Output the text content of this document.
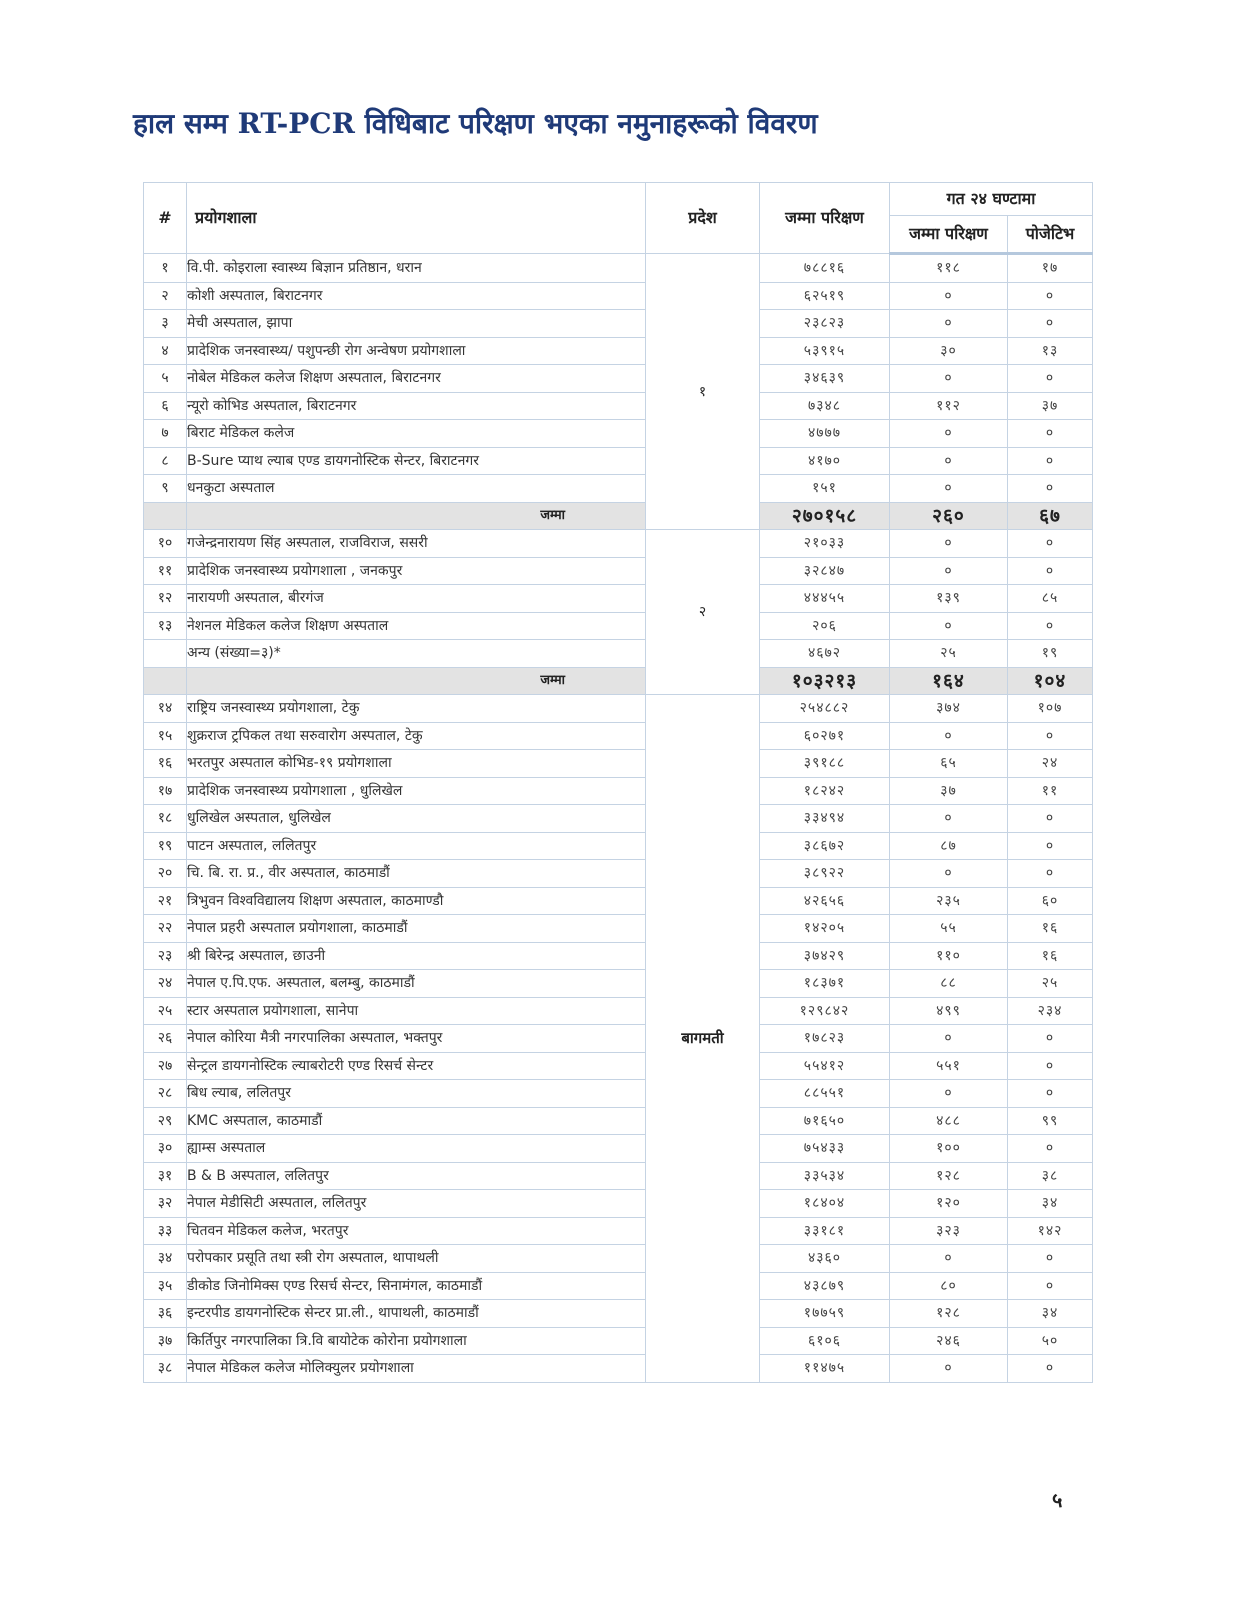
हाल सम्म RT-PCR विधिबाट परिक्षण भएका नमुनाहरूको विवरण
#	प्रयोगशाला	प्रदेश	जम्मा परिक्षण	गत २४ घण्टामा	
				जम्मा परिक्षण	पोजेटिभ
१	वि.पी. कोइराला स्वास्थ्य बिज्ञान प्रतिष्ठान, धरान	१	७८८१६	११८	१७
२	कोशी अस्पताल, बिराटनगर		६२५१९	०	०
३	मेची अस्पताल, झापा		२३८२३	०	०
४	प्रादेशिक जनस्वास्थ्य/ पशुपन्छी रोग अन्वेषण प्रयोगशाला		५३९१५	३०	१३
५	नोबेल मेडिकल कलेज शिक्षण अस्पताल, बिराटनगर		३४६३९	०	०
६	न्यूरो कोभिड अस्पताल, बिराटनगर		७३४८	११२	३७
७	बिराट मेडिकल कलेज		४७७७	०	०
८	B-Sure प्याथ ल्याब एण्ड डायगनोस्टिक सेन्टर, बिराटनगर		४१७०	०	०
९	धनकुटा अस्पताल		१५१	०	०
	जम्मा		२७०१५८	२६०	६७
१०	गजेन्द्रनारायण सिंह अस्पताल, राजविराज, ससरी	२	२१०३३	०	०
११	प्रादेशिक जनस्वास्थ्य प्रयोगशाला , जनकपुर		३२८४७	०	०
१२	नारायणी अस्पताल, बीरगंज		४४४५५	१३९	८५
१३	नेशनल मेडिकल कलेज शिक्षण अस्पताल		२०६	०	०
	अन्य (संख्या=३)*		४६७२	२५	१९
	जम्मा		१०३२१३	१६४	१०४
१४	राष्ट्रिय जनस्वास्थ्य प्रयोगशाला, टेकु	बागमती	२५४८८२	३७४	१०७
१५	शुक्रराज ट्रपिकल तथा सरुवारोग अस्पताल, टेकु		६०२७१	०	०
१६	भरतपुर अस्पताल कोभिड-१९ प्रयोगशाला		३९१८८	६५	२४
१७	प्रादेशिक जनस्वास्थ्य प्रयोगशाला , धुलिखेल		१८२४२	३७	११
१८	धुलिखेल अस्पताल, धुलिखेल		३३४९४	०	०
१९	पाटन अस्पताल, ललितपुर		३८६७२	८७	०
२०	चि. बि. रा. प्र., वीर अस्पताल, काठमाडौं		३८९२२	०	०
२१	त्रिभुवन विश्वविद्यालय शिक्षण अस्पताल, काठमाण्डौ		४२६५६	२३५	६०
२२	नेपाल प्रहरी अस्पताल प्रयोगशाला, काठमाडौं		१४२०५	५५	१६
२३	श्री बिरेन्द्र अस्पताल, छाउनी		३७४२९	११०	१६
२४	नेपाल ए.पि.एफ. अस्पताल, बलम्बु, काठमाडौं		१८३७१	८८	२५
२५	स्टार अस्पताल प्रयोगशाला, सानेपा		१२९८४२	४९९	२३४
२६	नेपाल कोरिया मैत्री नगरपालिका अस्पताल, भक्तपुर		१७८२३	०	०
२७	सेन्ट्रल डायगनोस्टिक ल्याबरोटरी एण्ड रिसर्च सेन्टर		५५४१२	५५१	०
२८	बिध ल्याब, ललितपुर		८८५५१	०	०
२९	KMC अस्पताल, काठमाडौं		७१६५०	४८८	९९
३०	ह्याम्स अस्पताल		७५४३३	१००	०
३१	B & B अस्पताल, ललितपुर		३३५३४	१२८	३८
३२	नेपाल मेडीसिटी अस्पताल, ललितपुर		१८४०४	१२०	३४
३३	चितवन मेडिकल कलेज, भरतपुर		३३१८१	३२३	१४२
३४	परोपकार प्रसूति तथा स्त्री रोग अस्पताल, थापाथली		४३६०	०	०
३५	डीकोड जिनोमिक्स एण्ड रिसर्च सेन्टर, सिनामंगल, काठमाडौं		४३८७९	८०	०
३६	इन्टरपीड डायगनोस्टिक सेन्टर प्रा.ली., थापाथली, काठमाडौं		१७७५९	१२८	३४
३७	किर्तिपुर नगरपालिका त्रि.वि बायोटेक कोरोना प्रयोगशाला		६१०६	२४६	५०
३८	नेपाल मेडिकल कलेज मोलिक्युलर प्रयोगशाला		११४७५	०	०
५
